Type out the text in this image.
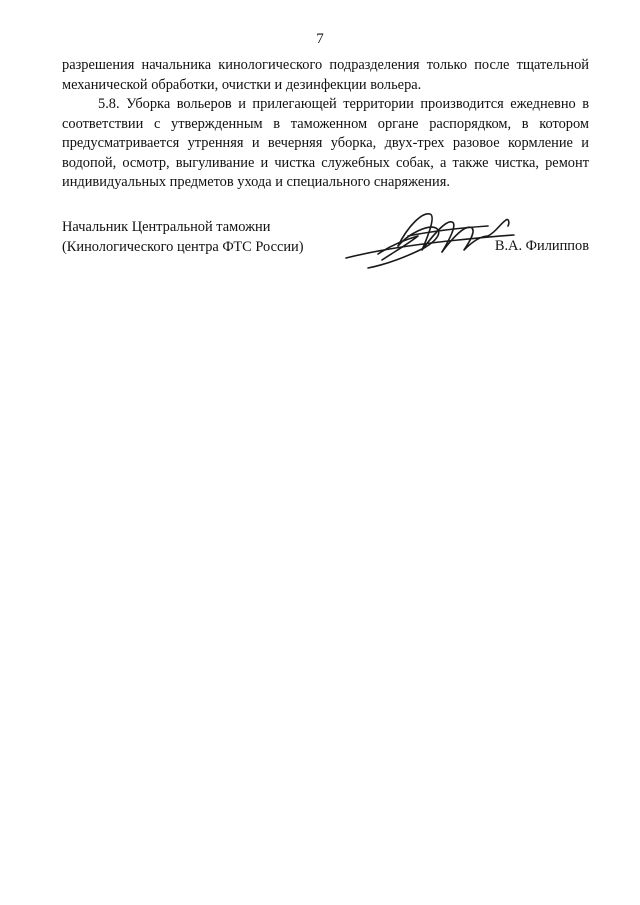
7

разрешения начальника кинологического подразделения только после тщательной механической обработки, очистки и дезинфекции вольера.

5.8. Уборка вольеров и прилегающей территории производится ежедневно в соответствии с утвержденным в таможенном органе распорядком, в котором предусматривается утренняя и вечерняя уборка, двух-трех разовое кормление и водопой, осмотр, выгуливание и чистка служебных собак, а также чистка, ремонт индивидуальных предметов ухода и специального снаряжения.

Начальник Центральной таможни
(Кинологического центра ФТС России)	В.А. Филиппов
